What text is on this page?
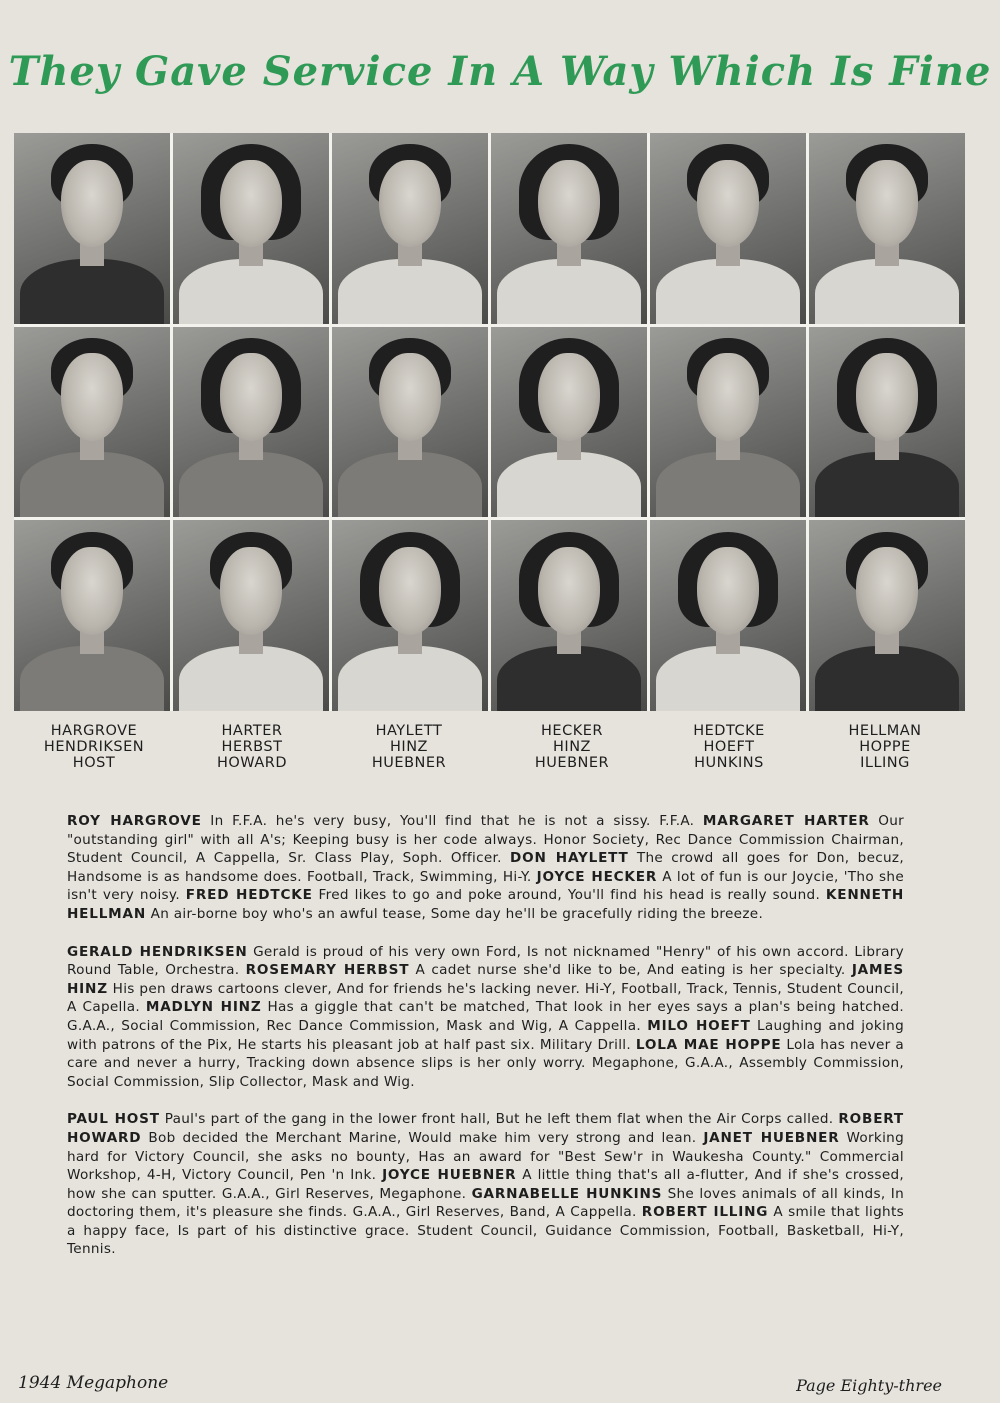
They Gave Service In A Way Which Is Fine
HARGROVE
HENDRIKSEN
HOST
HARTER
HERBST
HOWARD
HAYLETT
HINZ
HUEBNER
HECKER
HINZ
HUEBNER
HEDTCKE
HOEFT
HUNKINS
HELLMAN
HOPPE
ILLING

ROY HARGROVE In F.F.A. he's very busy, You'll find that he is not a sissy. F.F.A. MARGARET HARTER Our "outstanding girl" with all A's; Keeping busy is her code always. Honor Society, Rec Dance Commission Chairman, Student Council, A Cappella, Sr. Class Play, Soph. Officer. DON HAYLETT The crowd all goes for Don, becuz, Handsome is as handsome does. Football, Track, Swimming, Hi-Y. JOYCE HECKER A lot of fun is our Joycie, 'Tho she isn't very noisy. FRED HEDTCKE Fred likes to go and poke around, You'll find his head is really sound. KENNETH HELLMAN An air-borne boy who's an awful tease, Some day he'll be gracefully riding the breeze.

GERALD HENDRIKSEN Gerald is proud of his very own Ford, Is not nicknamed "Henry" of his own accord. Library Round Table, Orchestra. ROSEMARY HERBST A cadet nurse she'd like to be, And eating is her specialty. JAMES HINZ His pen draws cartoons clever, And for friends he's lacking never. Hi-Y, Football, Track, Tennis, Student Council, A Capella. MADLYN HINZ Has a giggle that can't be matched, That look in her eyes says a plan's being hatched. G.A.A., Social Commission, Rec Dance Commission, Mask and Wig, A Cappella. MILO HOEFT Laughing and joking with patrons of the Pix, He starts his pleasant job at half past six. Military Drill. LOLA MAE HOPPE Lola has never a care and never a hurry, Tracking down absence slips is her only worry. Megaphone, G.A.A., Assembly Commission, Social Commission, Slip Collector, Mask and Wig.

PAUL HOST Paul's part of the gang in the lower front hall, But he left them flat when the Air Corps called. ROBERT HOWARD Bob decided the Merchant Marine, Would make him very strong and lean. JANET HUEBNER Working hard for Victory Council, she asks no bounty, Has an award for "Best Sew'r in Waukesha County." Commercial Workshop, 4-H, Victory Council, Pen 'n Ink. JOYCE HUEBNER A little thing that's all a-flutter, And if she's crossed, how she can sputter. G.A.A., Girl Reserves, Megaphone. GARNABELLE HUNKINS She loves animals of all kinds, In doctoring them, it's pleasure she finds. G.A.A., Girl Reserves, Band, A Cappella. ROBERT ILLING A smile that lights a happy face, Is part of his distinctive grace. Student Council, Guidance Commission, Football, Basketball, Hi-Y, Tennis.

1944 Megaphone	Page Eighty-three
